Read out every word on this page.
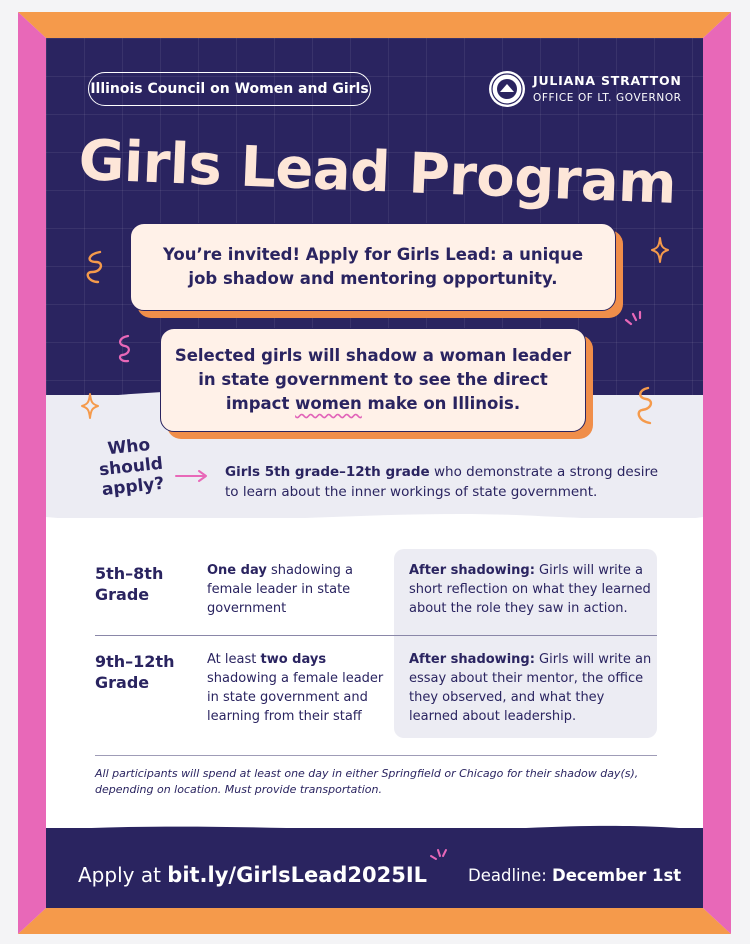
Illinois Council on Women and Girls
JULIANA STRATTON
OFFICE OF LT. GOVERNOR
Girls Lead Program
You’re invited! Apply for Girls Lead: a unique
job shadow and mentoring opportunity.
Selected girls will shadow a woman leader
in state government to see the direct
impact women make on Illinois.
Who
should
apply?
Girls 5th grade–12th grade who demonstrate a strong desire to learn about the inner workings of state government.
5th–8th
Grade
One day shadowing a female leader in state government
After shadowing: Girls will write a short reflection on what they learned about the role they saw in action.
9th–12th
Grade
At least two days shadowing a female leader in state government and learning from their staff
After shadowing: Girls will write an essay about their mentor, the office they observed, and what they learned about leadership.
All participants will spend at least one day in either Springfield or Chicago for their shadow day(s), depending on location. Must provide transportation.
Apply at bit.ly/GirlsLead2025IL Deadline: December 1st
